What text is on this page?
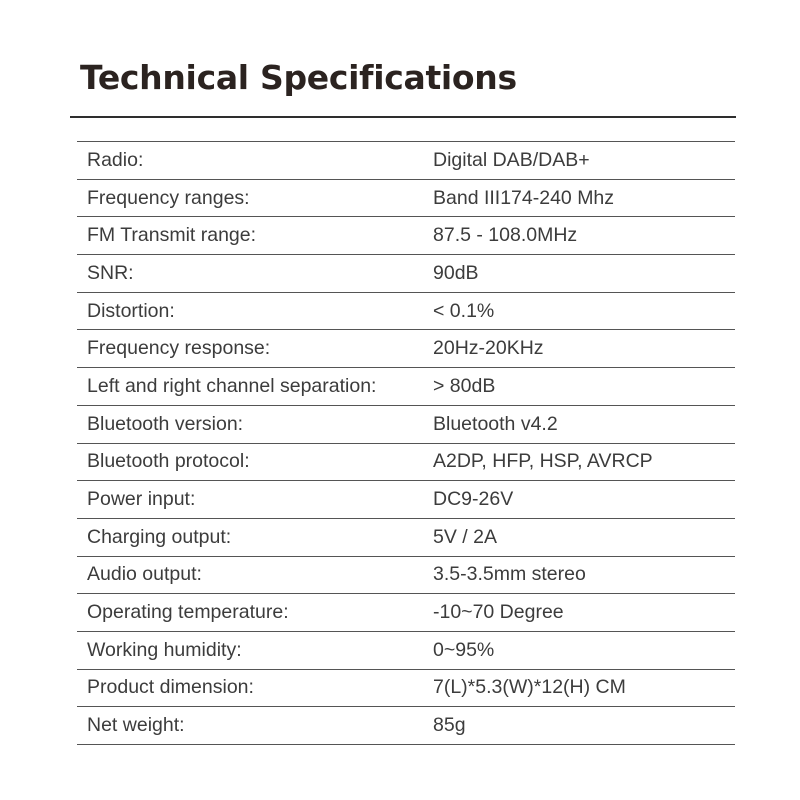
Technical Specifications
Radio:	Digital DAB/DAB+
Frequency ranges:	Band III174-240 Mhz
FM Transmit range:	87.5 - 108.0MHz
SNR:	90dB
Distortion:	< 0.1%
Frequency response:	20Hz-20KHz
Left and right channel separation:	> 80dB
Bluetooth version:	Bluetooth v4.2
Bluetooth protocol:	A2DP, HFP, HSP, AVRCP
Power input:	DC9-26V
Charging output:	5V / 2A
Audio output:	3.5-3.5mm stereo
Operating temperature:	-10~70 Degree
Working humidity:	0~95%
Product dimension:	7(L)*5.3(W)*12(H) CM
Net weight:	85g
